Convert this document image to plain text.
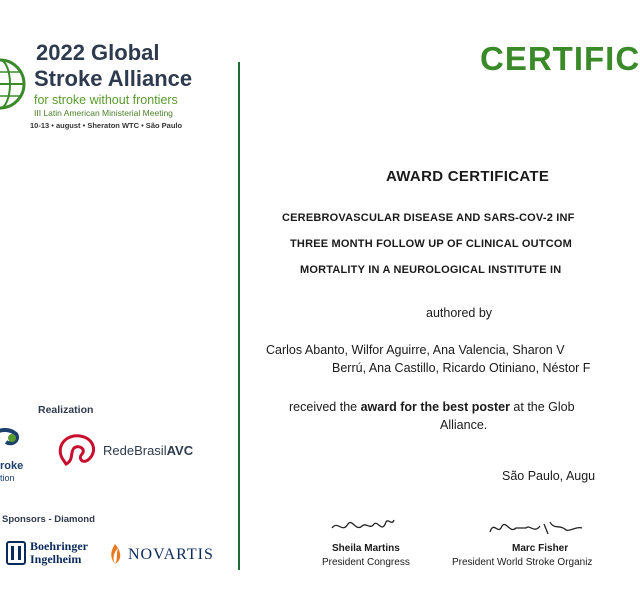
2022 Global
Stroke Alliance
for stroke without frontiers
III Latin American Ministerial Meeting
10-13 • august • Sheraton WTC • São Paulo
Realization
roke
tion
RedeBrasilAVC
Sponsors - Diamond
Boehringer
Ingelheim	NOVARTIS
CERTIFIC
AWARD CERTIFICATE
CEREBROVASCULAR DISEASE AND SARS-COV-2 INF
THREE MONTH FOLLOW UP OF CLINICAL OUTCOM
MORTALITY IN A NEUROLOGICAL INSTITUTE IN
authored by
Carlos Abanto, Wilfor Aguirre, Ana Valencia, Sharon V
Berrú, Ana Castillo, Ricardo Otiniano, Néstor F
received the award for the best poster at the Glob
Alliance.
São Paulo, Augu
Sheila Martins
President Congress
Marc Fisher
President World Stroke Organiz
